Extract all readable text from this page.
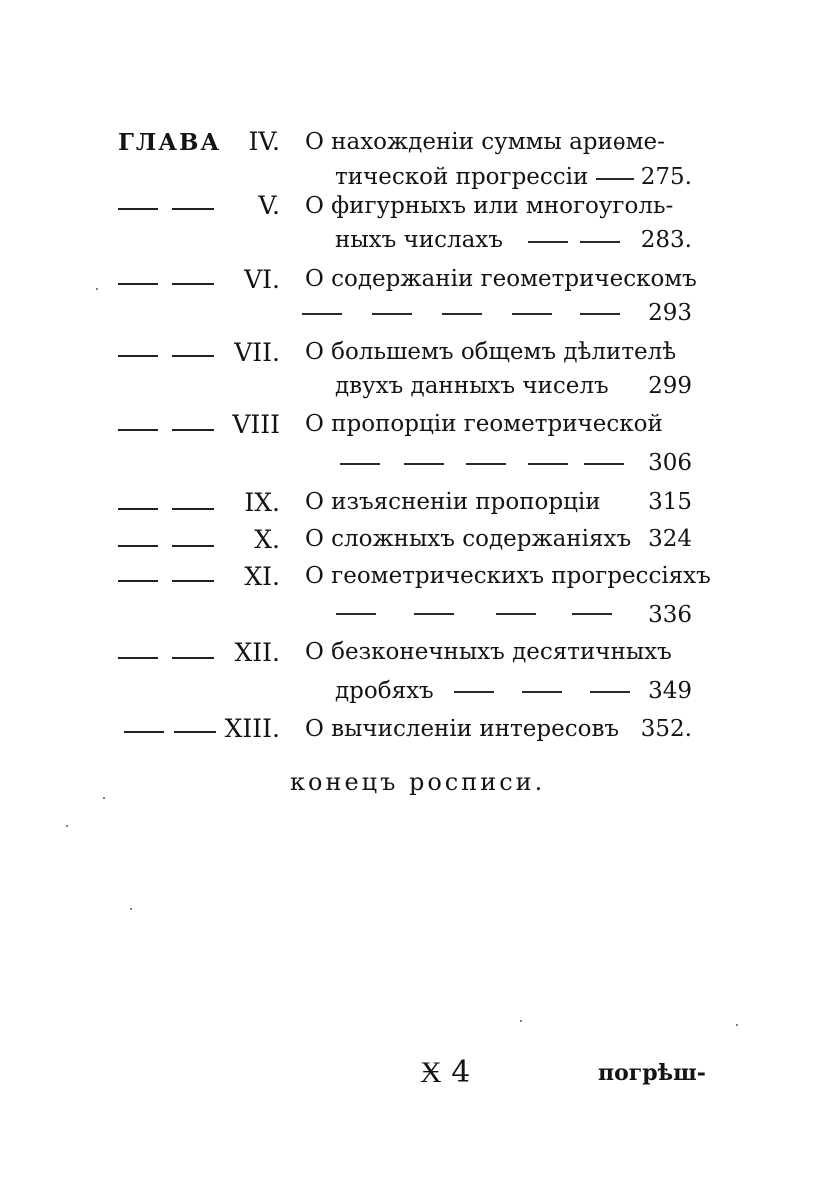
ГЛАВА IV. О нахожденіи суммы ариѳме-
тической прогрессіи 275.
V. О фигурныхъ или многоуголь-
ныхъ числахъ	283.
VI. О содержаніи геометрическомъ
293
VII. О большемъ общемъ дѣлителѣ
двухъ данныхъ чиселъ 299
VIII О пропорціи геометрической
306
IX. О изъясненіи пропорціи 315
X. О сложныхъ содержаніяхъ 324
XI. О геометрическихъ прогрессіяхъ
336
XII. О безконечныхъ десятичныхъ
дробяхъ	349
XIII. О вычисленіи интересовъ 352.
конецъ росписи.
Ӿ 4	погрѣш-
